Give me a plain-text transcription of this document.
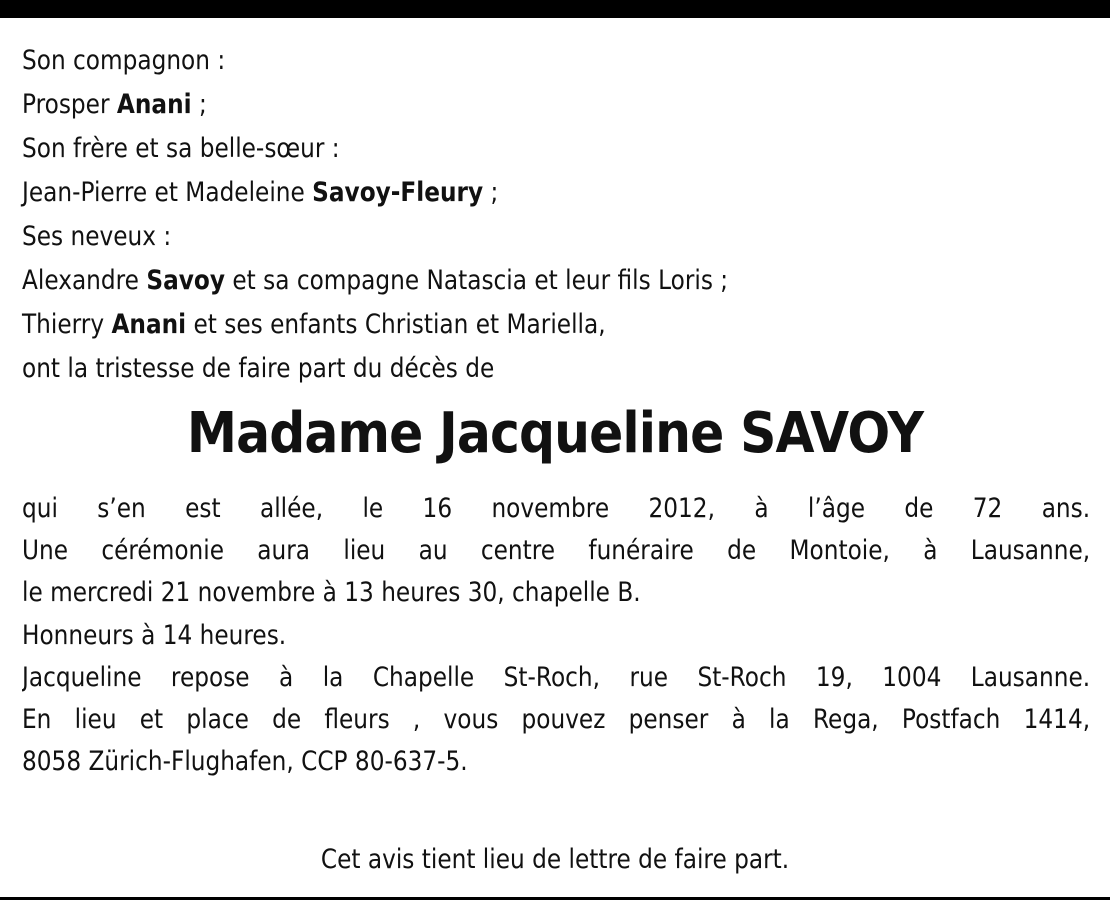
Son compagnon :
Prosper Anani ;
Son frère et sa belle-sœur :
Jean-Pierre et Madeleine Savoy-Fleury ;
Ses neveux :
Alexandre Savoy et sa compagne Natascia et leur fils Loris ;
Thierry Anani et ses enfants Christian et Mariella,
ont la tristesse de faire part du décès de
Madame Jacqueline SAVOY
qui s’en est allée, le 16 novembre 2012, à l’âge de 72 ans.
Une cérémonie aura lieu au centre funéraire de Montoie, à Lausanne,
le mercredi 21 novembre à 13 heures 30, chapelle B.
Honneurs à 14 heures.
Jacqueline repose à la Chapelle St-Roch, rue St-Roch 19, 1004 Lausanne.
En lieu et place de fleurs , vous pouvez penser à la Rega, Postfach 1414,
8058 Zürich-Flughafen, CCP 80-637-5.
Cet avis tient lieu de lettre de faire part.
